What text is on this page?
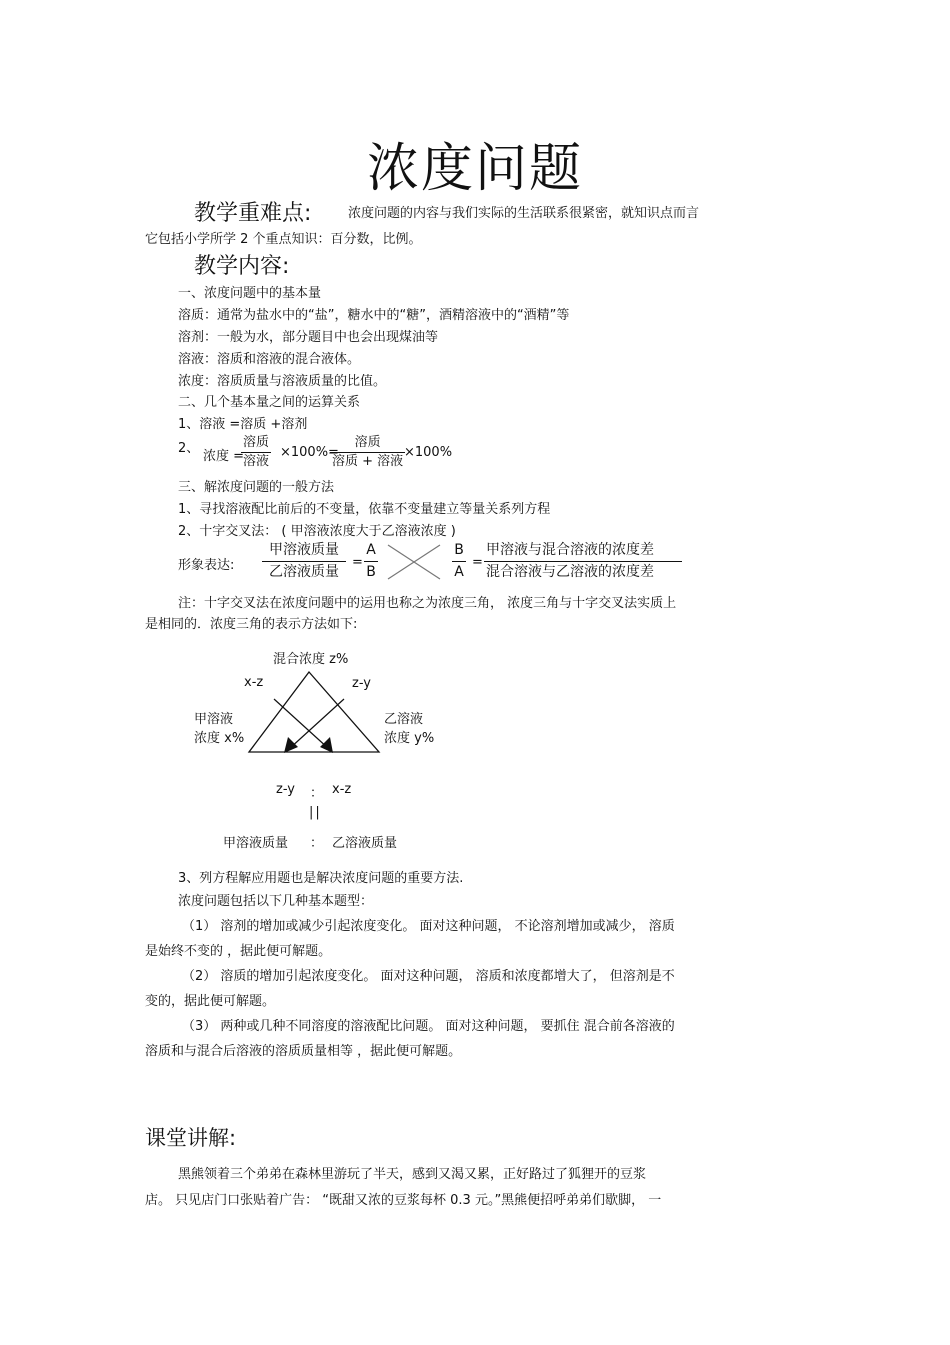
浓度问题
教学重难点:	浓度问题的内容与我们实际的生活联系很紧密，就知识点而言
它包括小学所学 2 个重点知识：百分数，比例。
教学内容:
一、浓度问题中的基本量
溶质：通常为盐水中的“盐”，糖水中的“糖”，酒精溶液中的“酒精”等
溶剂：一般为水，部分题目中也会出现煤油等
溶液：溶质和溶液的混合液体。
浓度：溶质质量与溶液质量的比值。
二、几个基本量之间的运算关系
1、溶液 =溶质 +溶剂
2、
浓度 =
溶质
溶液
×100%=
溶质
溶质 + 溶液
×100%
三、解浓度问题的一般方法
1、寻找溶液配比前后的不变量，依靠不变量建立等量关系列方程
2、十字交叉法： ( 甲溶液浓度大于乙溶液浓度 )
形象表达:
甲溶液质量
乙溶液质量
= $\frac{A}{B}$	$\frac{B}{A}$ =
甲溶液与混合溶液的浓度差
混合溶液与乙溶液的浓度差
注：十字交叉法在浓度问题中的运用也称之为浓度三角， 浓度三角与十字交叉法实质上
是相同的．浓度三角的表示方法如下:
混合浓度 z%
x-z	z-y
甲溶液
浓度 x%
乙溶液
浓度 y%
z-y ： x-z
||
甲溶液质量 ： 乙溶液质量
3、列方程解应用题也是解决浓度问题的重要方法.
浓度问题包括以下几种基本题型：
（1） 溶剂的增加或减少引起浓度变化。 面对这种问题， 不论溶剂增加或减少， 溶质
是始终不变的 ，据此便可解题。
（2） 溶质的增加引起浓度变化。 面对这种问题， 溶质和浓度都增大了， 但溶剂是不
变的，据此便可解题。
（3） 两种或几种不同溶度的溶液配比问题。 面对这种问题， 要抓住 混合前各溶液的
溶质和与混合后溶液的溶质质量相等 ，据此便可解题。
课堂讲解:
黑熊领着三个弟弟在森林里游玩了半天，感到又渴又累，正好路过了狐狸开的豆浆
店。 只见店门口张贴着广告： “既甜又浓的豆浆每杯 0.3 元。”黑熊便招呼弟弟们歇脚， 一
